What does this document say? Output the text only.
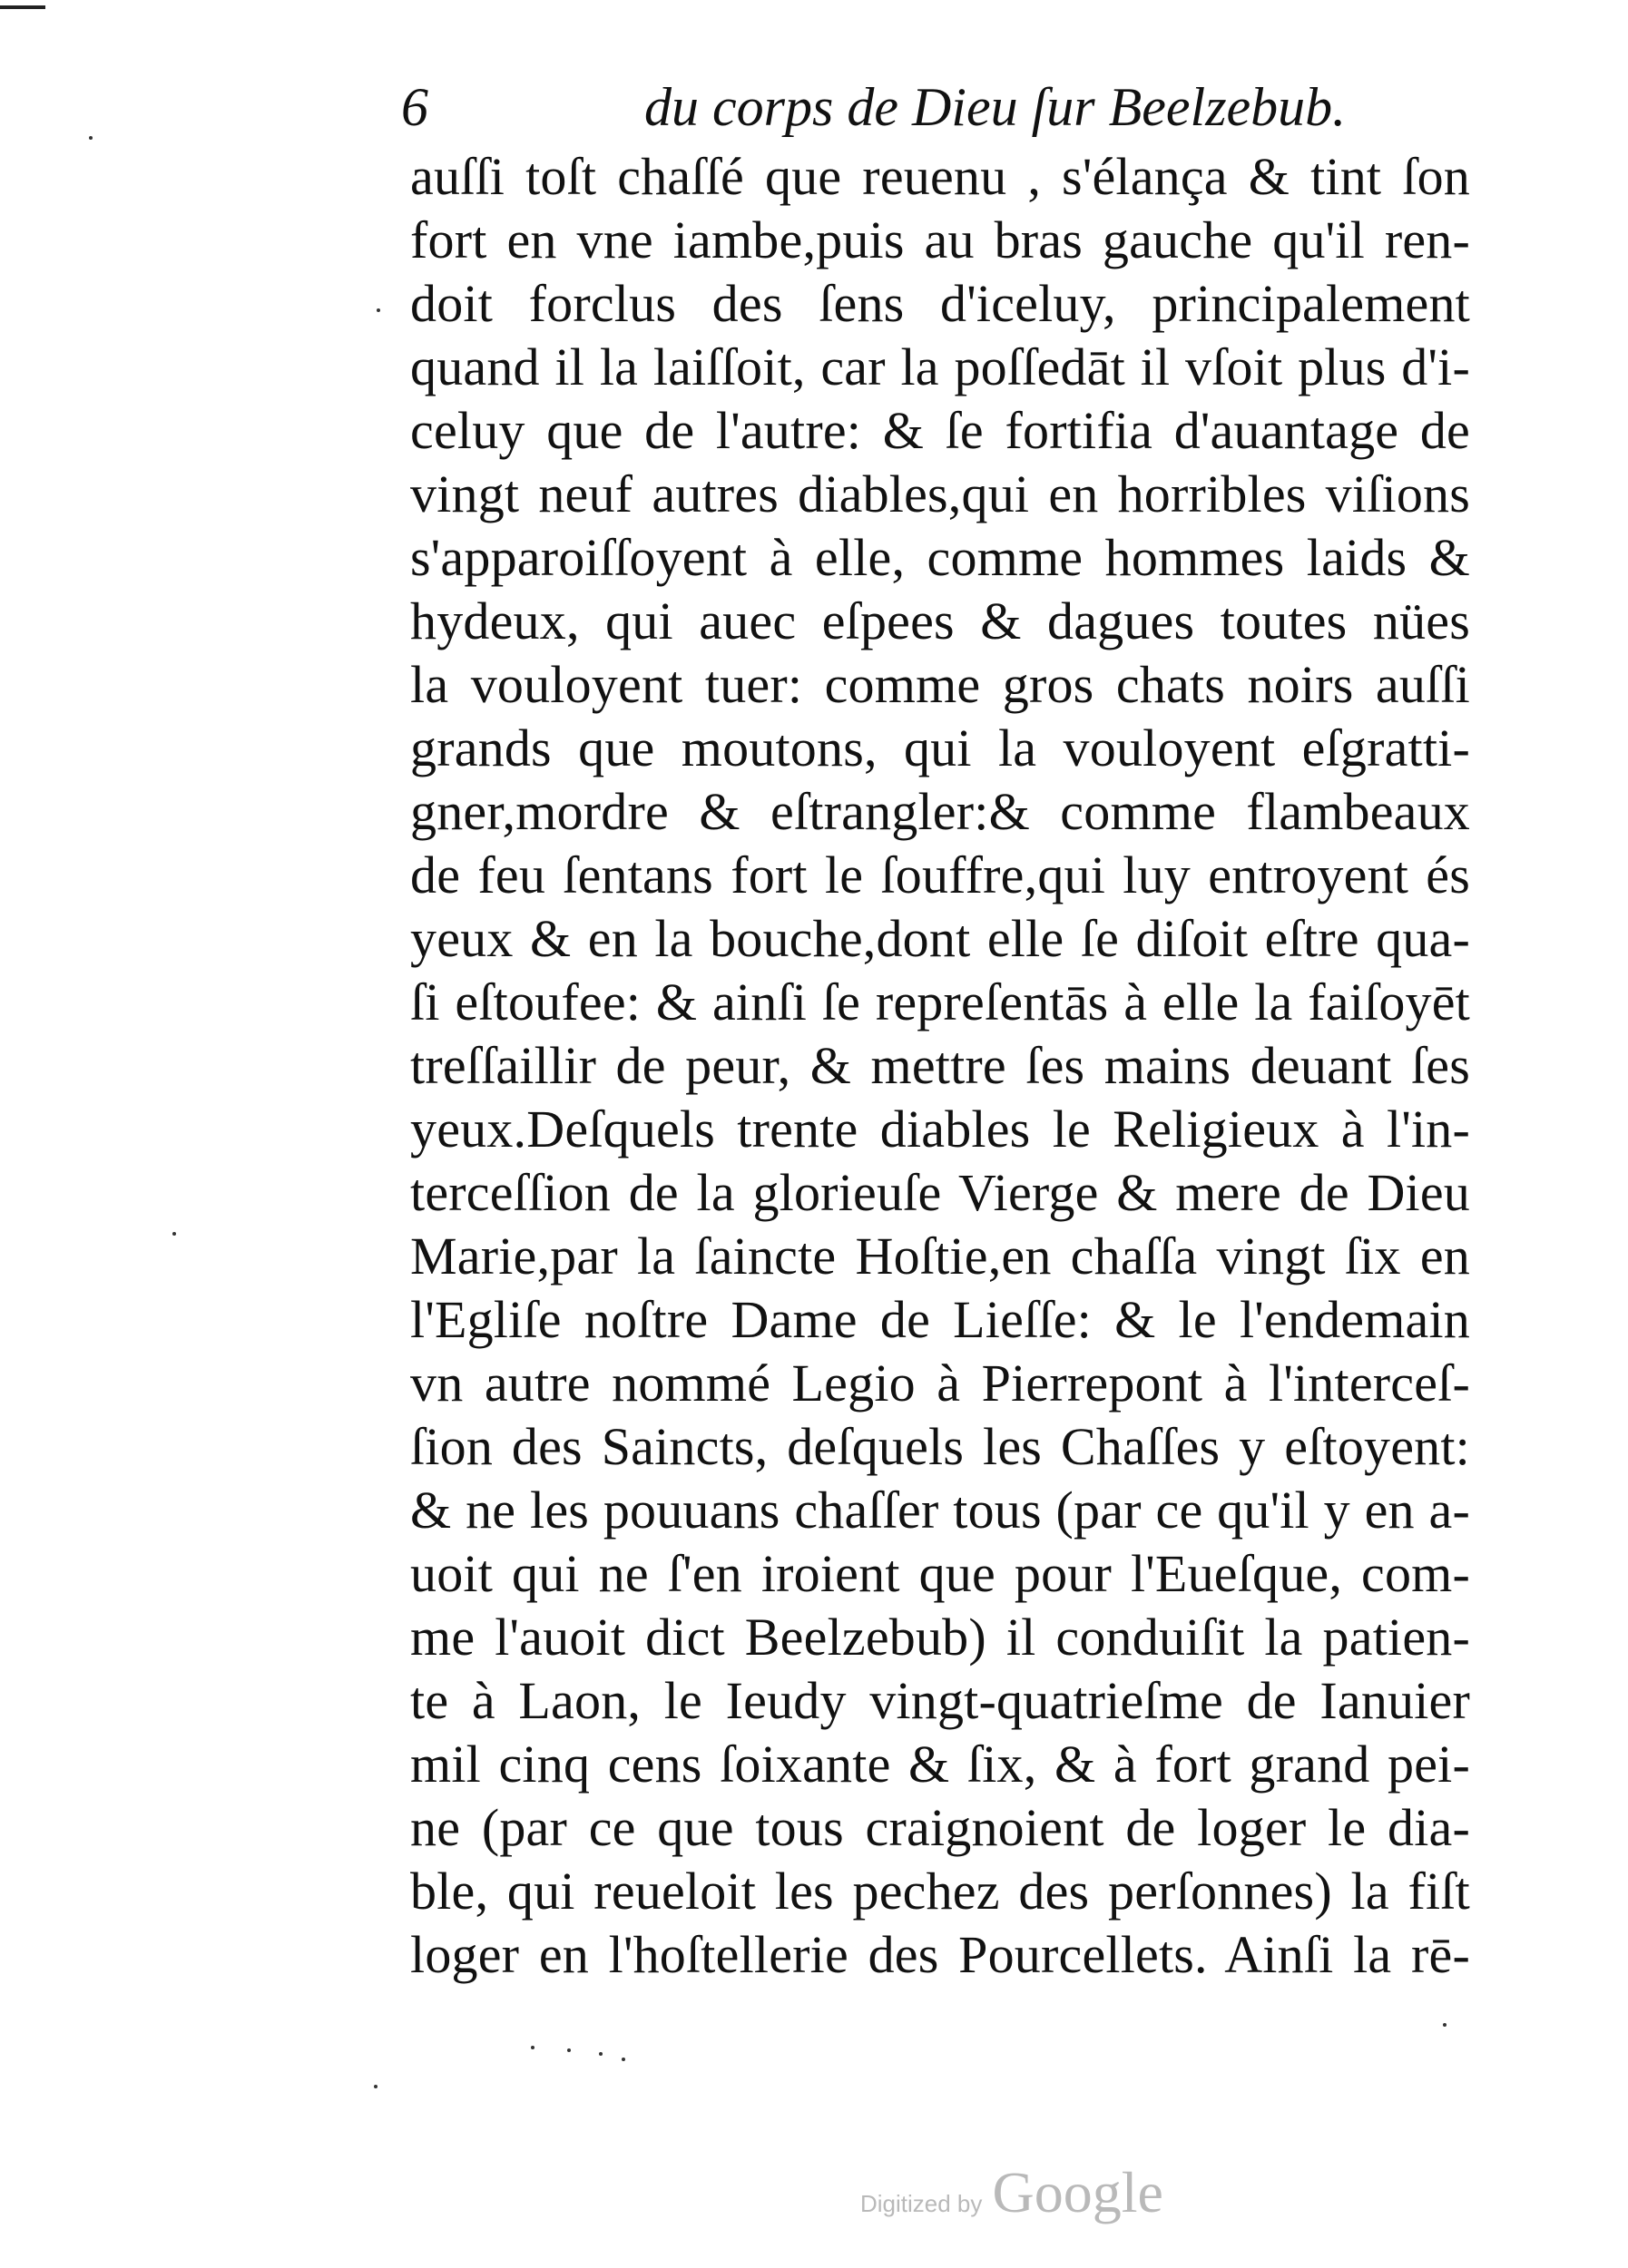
6	du corps de Dieu ſur Beelzebub.
auſſi toſt chaſſé que reuenu , s'élança & tint ſon
fort en vne iambe,puis au bras gauche qu'il ren-
doit forclus des ſens d'iceluy, principalement
quand il la laiſſoit, car la poſſedāt il vſoit plus d'i-
celuy que de l'autre: & ſe fortifia d'auantage de
vingt neuf autres diables,qui en horribles viſions
s'apparoiſſoyent à elle, comme hommes laids &
hydeux, qui auec eſpees & dagues toutes nües
la vouloyent tuer: comme gros chats noirs auſſi
grands que moutons, qui la vouloyent eſgratti-
gner,mordre & eſtrangler:& comme flambeaux
de feu ſentans fort le ſouffre,qui luy entroyent és
yeux & en la bouche,dont elle ſe diſoit eſtre qua-
ſi eſtoufee: & ainſi ſe repreſentās à elle la faiſoyēt
treſſaillir de peur, & mettre ſes mains deuant ſes
yeux.Deſquels trente diables le Religieux à l'in-
terceſſion de la glorieuſe Vierge & mere de Dieu
Marie,par la ſaincte Hoſtie,en chaſſa vingt ſix en
l'Egliſe noſtre Dame de Lieſſe: & le l'endemain
vn autre nommé Legio à Pierrepont à l'interceſ-
ſion des Saincts, deſquels les Chaſſes y eſtoyent:
& ne les pouuans chaſſer tous (par ce qu'il y en a-
uoit qui ne ſ'en iroient que pour l'Eueſque, com-
me l'auoit dict Beelzebub) il conduiſit la patien-
te à Laon, le Ieudy vingt-quatrieſme de Ianuier
mil cinq cens ſoixante & ſix, & à fort grand pei-
ne (par ce que tous craignoient de loger le dia-
ble, qui reueloit les pechez des perſonnes) la fiſt
loger en l'hoſtellerie des Pourcellets. Ainſi la rē-
Digitized by Google
